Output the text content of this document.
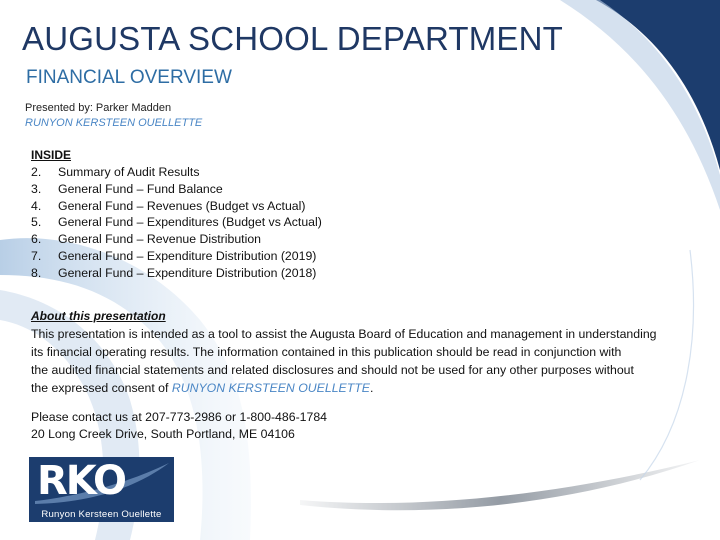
AUGUSTA SCHOOL DEPARTMENT
FINANCIAL OVERVIEW
Presented by: Parker Madden
RUNYON KERSTEEN OUELLETTE
INSIDE
2. Summary of Audit Results
3. General Fund – Fund Balance
4. General Fund – Revenues (Budget vs Actual)
5. General Fund – Expenditures (Budget vs Actual)
6. General Fund – Revenue Distribution
7. General Fund – Expenditure Distribution (2019)
8. General Fund – Expenditure Distribution (2018)
About this presentation
This presentation is intended as a tool to assist the Augusta Board of Education and management in understanding
its financial operating results. The information contained in this publication should be read in conjunction with
the audited financial statements and related disclosures and should not be used for any other purposes without
the expressed consent of RUNYON KERSTEEN OUELLETTE.
Please contact us at 207-773-2986 or 1-800-486-1784
20 Long Creek Drive, South Portland, ME 04106
RKO
Runyon Kersteen Ouellette
